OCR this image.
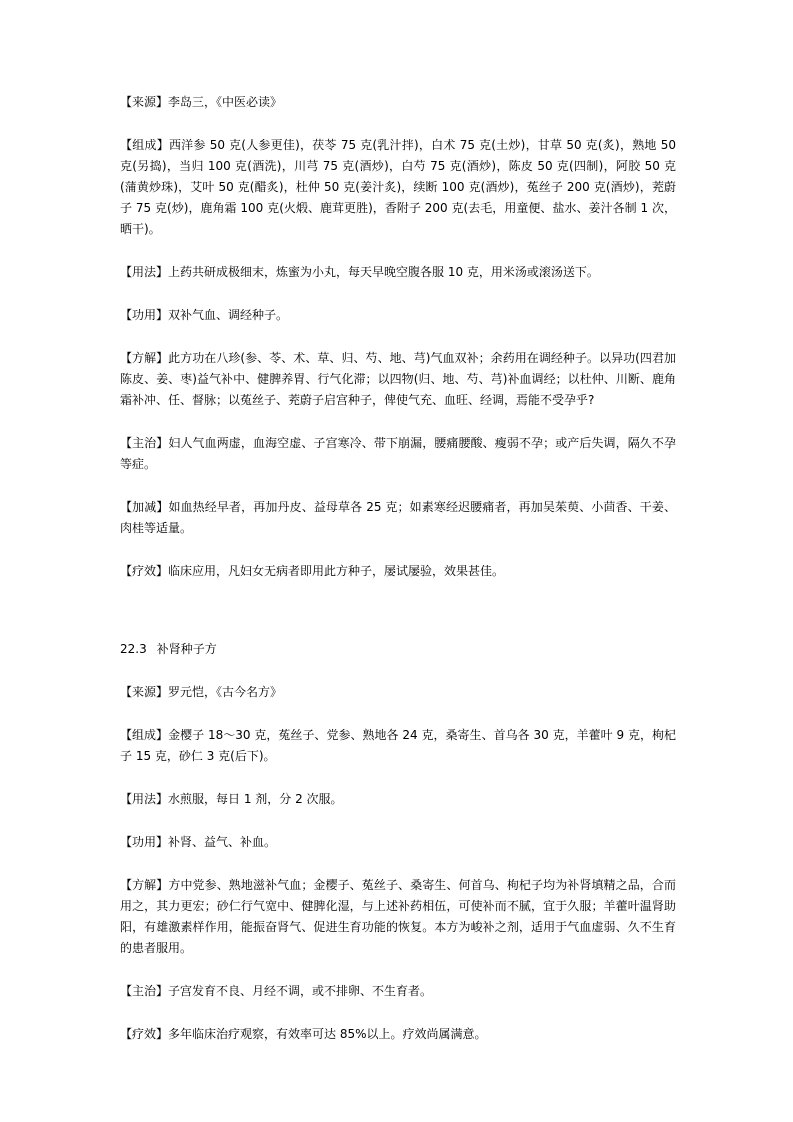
【来源】李岛三，《中医必读》

【组成】西洋参 50 克(人参更佳)，茯苓 75 克(乳汁拌)，白术 75 克(土炒)，甘草 50 克(炙)，熟地 50 克(另捣)，当归 100 克(酒洗)，川芎 75 克(酒炒)，白芍 75 克(酒炒)，陈皮 50 克(四制)，阿胶 50 克(蒲黄炒珠)，艾叶 50 克(醋炙)，杜仲 50 克(姜汁炙)，续断 100 克(酒炒)，菟丝子 200 克(酒炒)，茺蔚子 75 克(炒)，鹿角霜 100 克(火煅、鹿茸更胜)，香附子 200 克(去毛，用童便、盐水、姜汁各制 1 次，晒干)。

【用法】上药共研成极细末，炼蜜为小丸，每天早晚空腹各服 10 克，用米汤或滚汤送下。

【功用】双补气血、调经种子。

【方解】此方功在八珍(参、苓、术、草、归、芍、地、芎)气血双补；余药用在调经种子。以异功(四君加陈皮、姜、枣)益气补中、健脾养胃、行气化滞；以四物(归、地、芍、芎)补血调经；以杜仲、川断、鹿角霜补冲、任、督脉；以菟丝子、茺蔚子启宫种子，俾使气充、血旺、经调，焉能不受孕乎?

【主治】妇人气血两虚，血海空虚、子宫寒冷、带下崩漏，腰痛腰酸、瘦弱不孕；或产后失调，隔久不孕等症。

【加减】如血热经早者，再加丹皮、益母草各 25 克；如素寒经迟腰痛者，再加吴茱萸、小茴香、干姜、肉桂等适量。

【疗效】临床应用，凡妇女无病者即用此方种子，屡试屡验，效果甚佳。

22.3 补肾种子方

【来源】罗元恺，《古今名方》

【组成】金樱子 18～30 克，菟丝子、党参、熟地各 24 克，桑寄生、首乌各 30 克，羊藿叶 9 克，枸杞子 15 克，砂仁 3 克(后下)。

【用法】水煎服，每日 1 剂，分 2 次服。

【功用】补肾、益气、补血。

【方解】方中党参、熟地滋补气血；金樱子、菟丝子、桑寄生、何首乌、枸杞子均为补肾填精之品，合而用之，其力更宏；砂仁行气宽中、健脾化湿，与上述补药相伍，可使补而不腻，宜于久服；羊藿叶温肾助阳，有雄激素样作用，能振奋肾气、促进生育功能的恢复。本方为峻补之剂，适用于气血虚弱、久不生育的患者服用。

【主治】子宫发育不良、月经不调，或不排卵、不生育者。

【疗效】多年临床治疗观察，有效率可达 85%以上。疗效尚属满意。
